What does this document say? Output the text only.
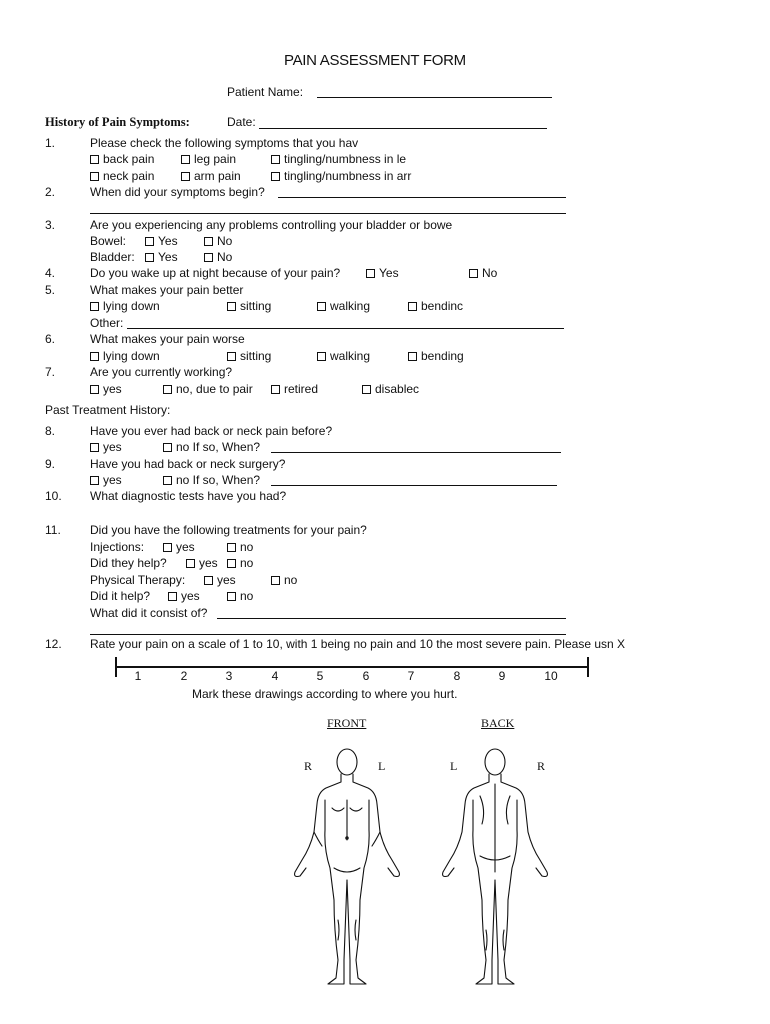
PAIN ASSESSMENT FORM
Patient Name:
History of Pain Symptoms:	Date:
1.	Please check the following symptoms that you hav
back pain	leg pain	tingling/numbness in le
neck pain	arm pain	tingling/numbness in arr
2.	When did your symptoms begin?
3.	Are you experiencing any problems controlling your bladder or bowe
Bowel:	Yes	No
Bladder:	Yes	No
4.	Do you wake up at night because of your pain?	Yes	No
5.	What makes your pain better
lying down	sitting	walking	bendinc
Other:
6.	What makes your pain worse
lying down	sitting	walking	bending
7.	Are you currently working?
yes	no, due to pair	retired	disablec
Past Treatment History:
8.	Have you ever had back or neck pain before?
yes	no If so, When?
9.	Have you had back or neck surgery?
yes	no If so, When?
10.	What diagnostic tests have you had?
11.	Did you have the following treatments for your pain?
Injections:	yes	no
Did they help?	yes	no
Physical Therapy:	yes	no
Did it help?	yes	no
What did it consist of?
12.	Rate your pain on a scale of 1 to 10, with 1 being no pain and 10 the most severe pain. Please usn X
1	2	3	4	5	6	7	8	9	10
Mark these drawings according to where you hurt.
FRONT	BACK
R	L	L	R
